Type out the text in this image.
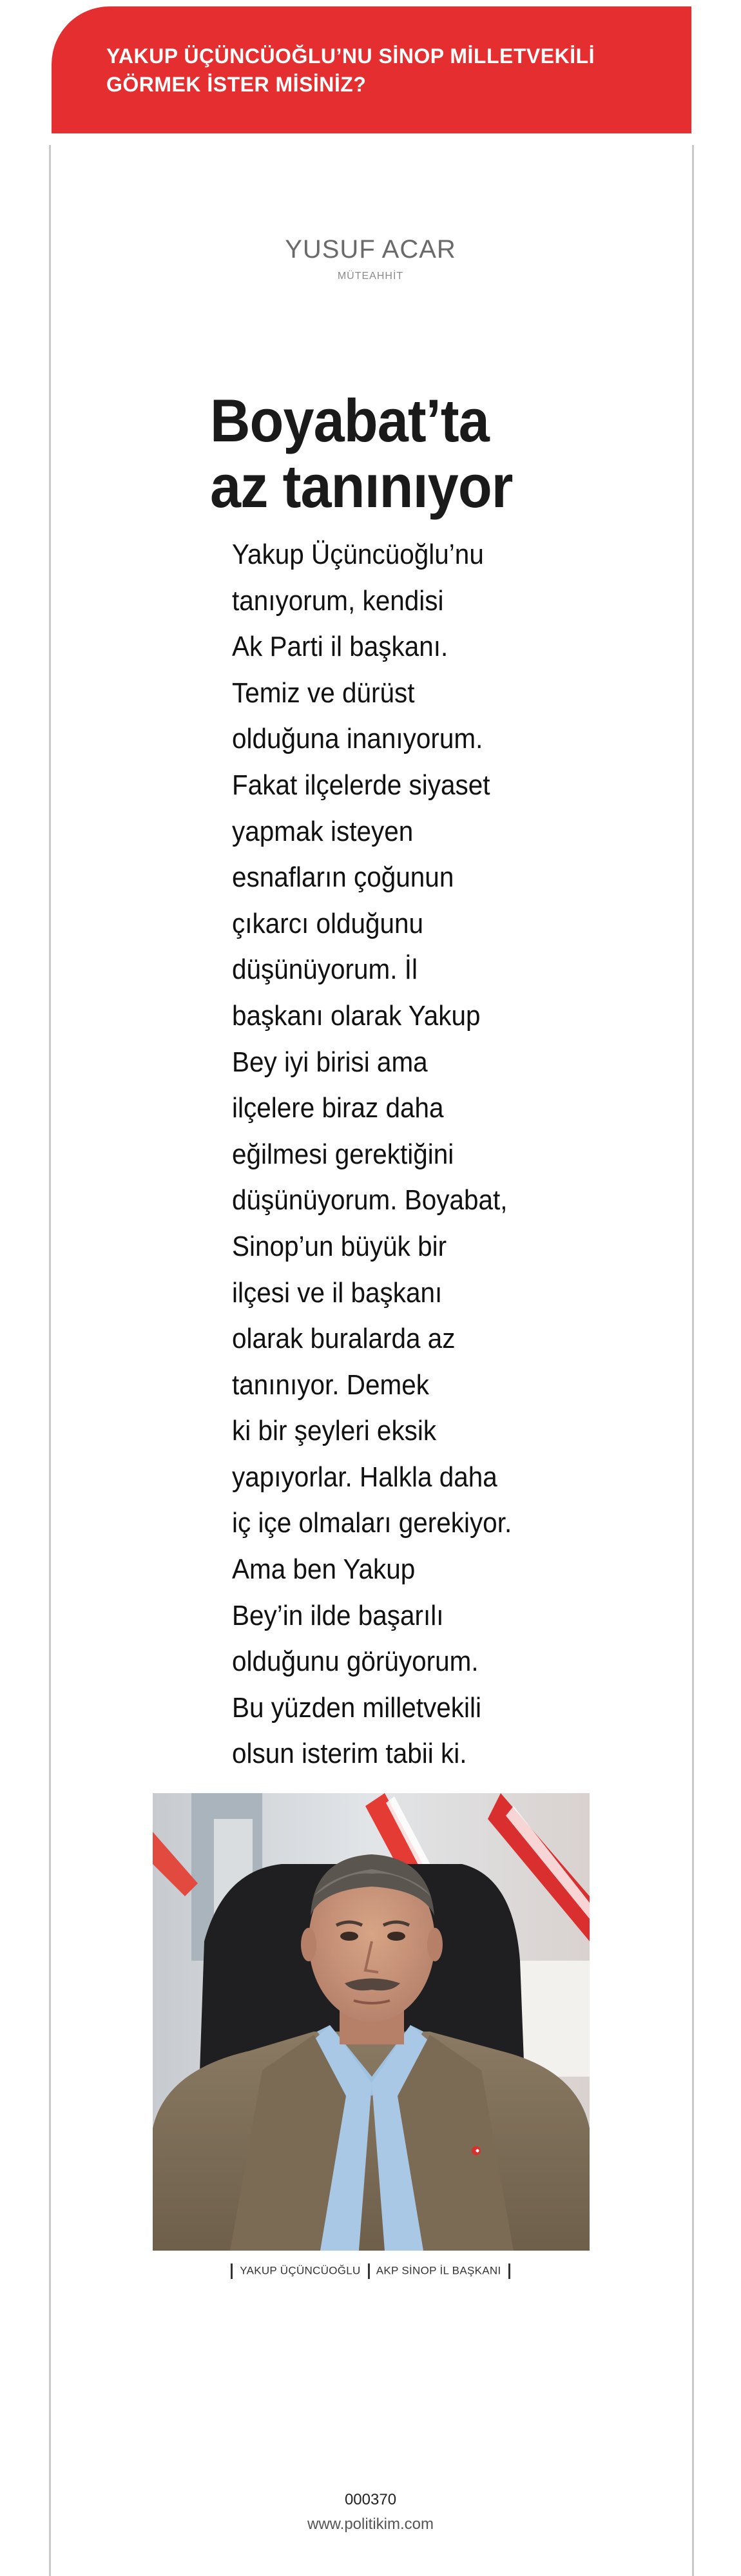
YAKUP ÜÇÜNCÜOĞLU’NU SİNOP MİLLETVEKİLİ
GÖRMEK İSTER MİSİNİZ?
YUSUF ACAR
MÜTEAHHİT
Boyabat’ta
az tanınıyor
Yakup Üçüncüoğlu’nu
tanıyorum, kendisi
Ak Parti il başkanı.
Temiz ve dürüst
olduğuna inanıyorum.
Fakat ilçelerde siyaset
yapmak isteyen
esnafların çoğunun
çıkarcı olduğunu
düşünüyorum. İl
başkanı olarak Yakup
Bey iyi birisi ama
ilçelere biraz daha
eğilmesi gerektiğini
düşünüyorum. Boyabat,
Sinop’un büyük bir
ilçesi ve il başkanı
olarak buralarda az
tanınıyor. Demek
ki bir şeyleri eksik
yapıyorlar. Halkla daha
iç içe olmaları gerekiyor.
Ama ben Yakup
Bey’in ilde başarılı
olduğunu görüyorum.
Bu yüzden milletvekili
olsun isterim tabii ki.
YAKUP ÜÇÜNCÜOĞLU AKP SİNOP İL BAŞKANI
000370
www.politikim.com
